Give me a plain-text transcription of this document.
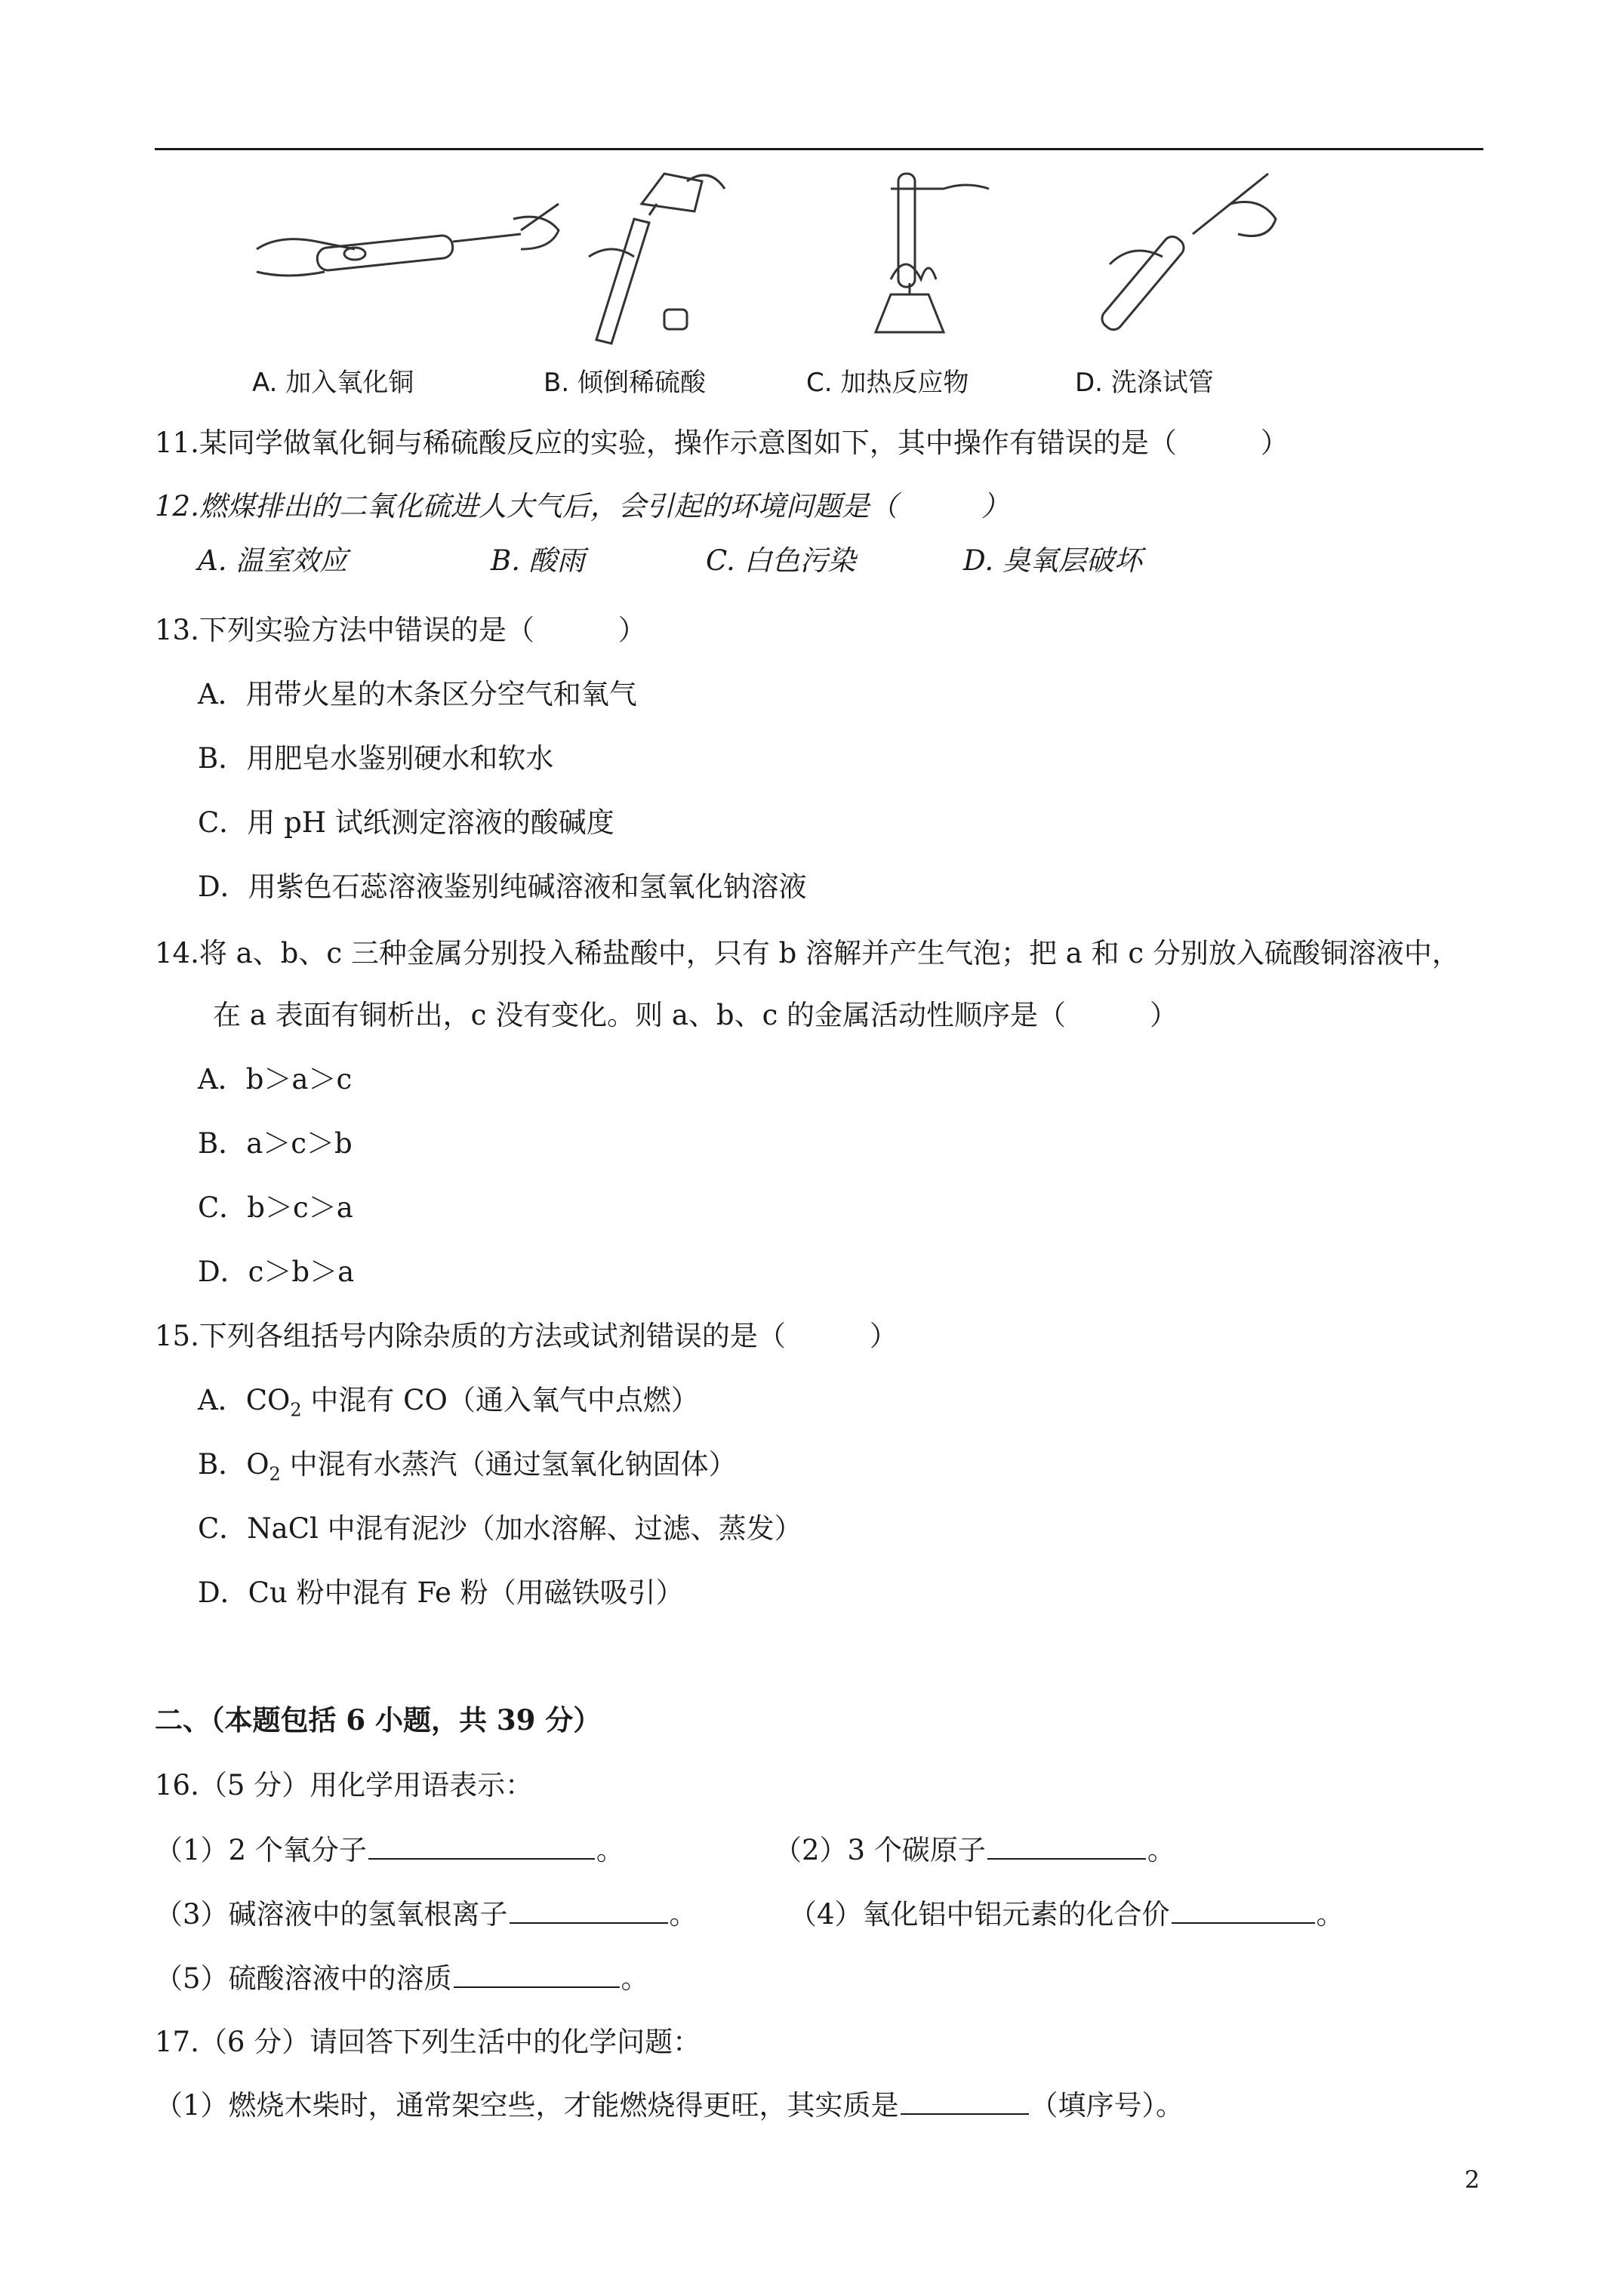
A. 加入氧化铜	B. 倾倒稀硫酸	C. 加热反应物	D. 洗涤试管
11.某同学做氧化铜与稀硫酸反应的实验，操作示意图如下，其中操作有错误的是（　　　）
12.燃煤排出的二氧化硫进人大气后，会引起的环境问题是（　　　）
A. 温室效应	B. 酸雨	C. 白色污染	D. 臭氧层破坏
13.下列实验方法中错误的是（　　　）
A．用带火星的木条区分空气和氧气
B．用肥皂水鉴别硬水和软水
C．用 pH 试纸测定溶液的酸碱度
D．用紫色石蕊溶液鉴别纯碱溶液和氢氧化钠溶液
14.将 a、b、c 三种金属分别投入稀盐酸中，只有 b 溶解并产生气泡；把 a 和 c 分别放入硫酸铜溶液中，
在 a 表面有铜析出，c 没有变化。则 a、b、c 的金属活动性顺序是（　　　）
A．b＞a＞c
B．a＞c＞b
C．b＞c＞a
D．c＞b＞a
15.下列各组括号内除杂质的方法或试剂错误的是（　　　）
A．$CO_2$ 中混有 CO（通入氧气中点燃）
B．$O_2$ 中混有水蒸汽（通过氢氧化钠固体）
C．NaCl 中混有泥沙（加水溶解、过滤、蒸发）
D．Cu 粉中混有 Fe 粉（用磁铁吸引）
二、（本题包括 6 小题，共 39 分）
16.（5 分）用化学用语表示：
（1）2 个氧分子	。	（2）3 个碳原子	。
（3）碱溶液中的氢氧根离子	。	（4）氧化铝中铝元素的化合价	。
（5）硫酸溶液中的溶质	。
17.（6 分）请回答下列生活中的化学问题：
（1）燃烧木柴时，通常架空些，才能燃烧得更旺，其实质是	（填序号）。
2
